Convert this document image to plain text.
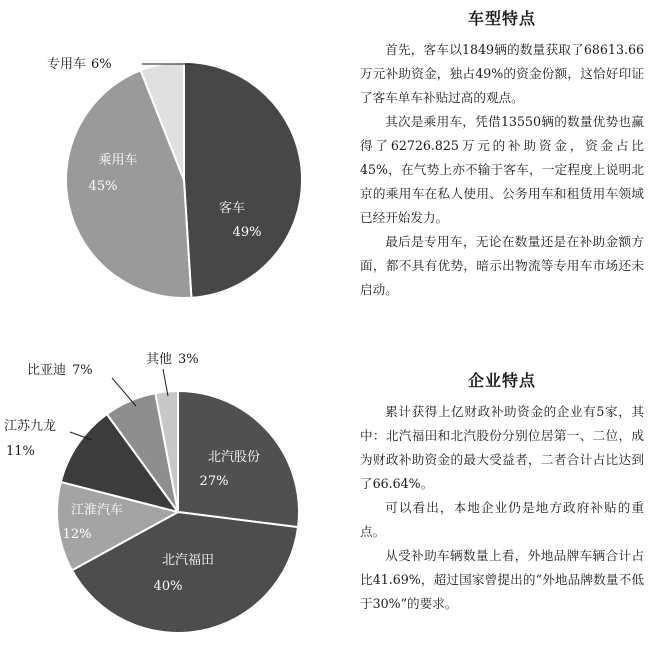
客车
49%
乘用车
45%
专用车 6%
北汽股份
27%
北汽福田
40%
江淮汽车
12%
江苏九龙
11%
比亚迪 7%
其他 3%
车型特点

首先，客车以1849辆的数量获取了68613.66万元补助资金，独占49%的资金份额，这恰好印证了客车单车补贴过高的观点。

其次是乘用车，凭借13550辆的数量优势也赢得了62726.825万元的补助资金，资金占比45%，在气势上亦不输于客车，一定程度上说明北京的乘用车在私人使用、公务用车和租赁用车领域已经开始发力。

最后是专用车，无论在数量还是在补助金额方面，都不具有优势，暗示出物流等专用车市场还未启动。

企业特点

累计获得上亿财政补助资金的企业有5家，其中：北汽福田和北汽股份分别位居第一、二位，成为财政补助资金的最大受益者，二者合计占比达到了66.64%。

可以看出，本地企业仍是地方政府补贴的重点。

从受补助车辆数量上看，外地品牌车辆合计占比41.69%，超过国家曾提出的“外地品牌数量不低于30%”的要求。
